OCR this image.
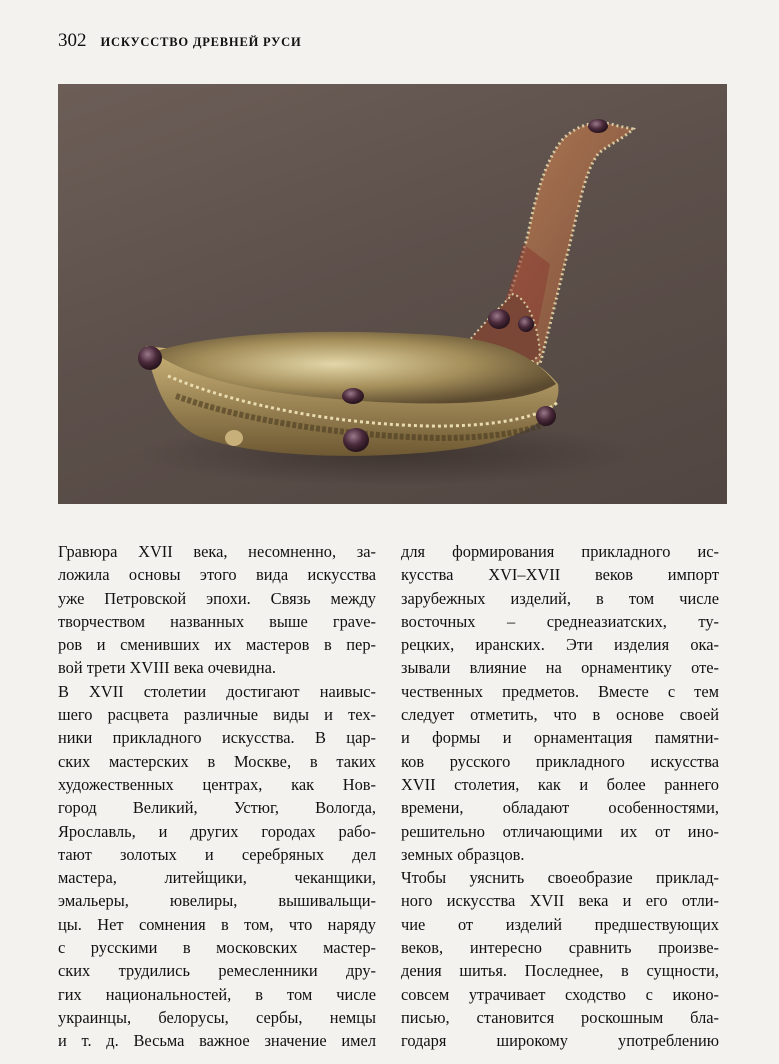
302 ИСКУССТВО ДРЕВНЕЙ РУСИ

Гравюра XVII века, несомненно, за-
ложила основы этого вида искусства
уже Петровской эпохи. Связь между
творчеством названных выше грave-
ров и сменивших их мастеров в пер-
вой трети XVIII века очевидна.

В XVII столетии достигают наивыс-
шего расцвета различные виды и тех-
ники прикладного искусства. В цар-
ских мастерских в Москве, в таких
художественных центрах, как Нов-
город Великий, Устюг, Вологда,
Ярославль, и других городах рабо-
тают золотых и серебряных дел
мастера, литейщики, чеканщики,
эмальеры, ювелиры, вышивальщи-
цы. Нет сомнения в том, что наряду
с русскими в московских мастер-
ских трудились ремесленники дру-
гих национальностей, в том числе
украинцы, белорусы, сербы, немцы
и т. д. Весьма важное значение имел

для формирования прикладного ис-
кусства XVI–XVII веков импорт
зарубежных изделий, в том числе
восточных – среднеазиатских, ту-
рецких, иранских. Эти изделия ока-
зывали влияние на орнаментику оте-
чественных предметов. Вместе с тем
следует отметить, что в основе своей
и формы и орнаментация памятни-
ков русского прикладного искусства
XVII столетия, как и более раннего
времени, обладают особенностями,
решительно отличающими их от ино-
земных образцов.

Чтобы уяснить своеобразие приклад-
ного искусства XVII века и его отли-
чие от изделий предшествующих
веков, интересно сравнить произве-
дения шитья. Последнее, в сущности,
совсем утрачивает сходство с иконо-
писью, становится роскошным бла-
годаря широкому употреблению
